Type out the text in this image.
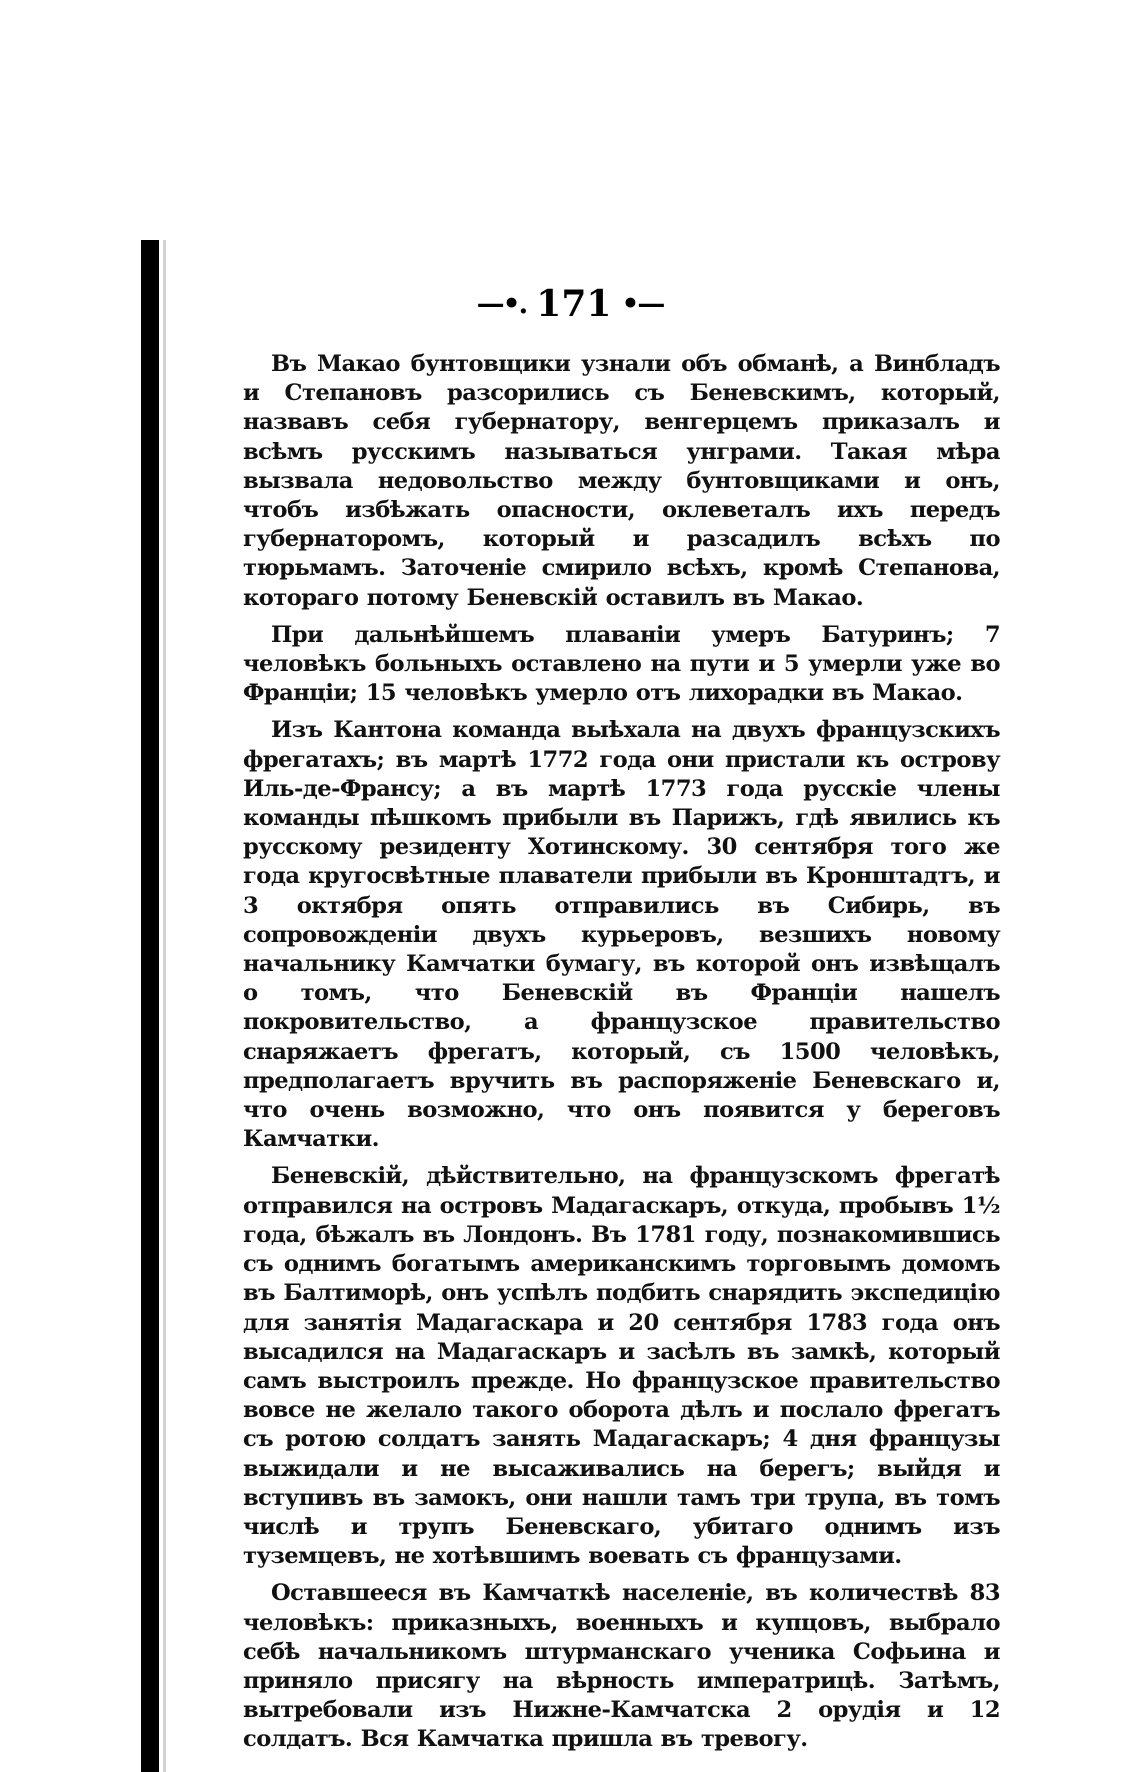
—•. 171 •—

Въ Макао бунтовщики узнали объ обманѣ, а Винбладъ и Степановъ разсорились съ Беневскимъ, который, назвавъ себя губернатору, венгерцемъ приказалъ и всѣмъ русскимъ называться унграми. Такая мѣра вызвала недовольство между бунтовщиками и онъ, чтобъ избѣжать опасности, оклеветалъ ихъ передъ губернаторомъ, который и разсадилъ всѣхъ по тюрьмамъ. Заточеніе смирило всѣхъ, кромѣ Степанова, котораго потому Беневскій оставилъ въ Макао.

При дальнѣйшемъ плаваніи умеръ Батуринъ; 7 человѣкъ больныхъ оставлено на пути и 5 умерли уже во Франціи; 15 человѣкъ умерло отъ лихорадки въ Макао.

Изъ Кантона команда выѣхала на двухъ французскихъ фрегатахъ; въ мартѣ 1772 года они пристали къ острову Иль-де-Франсу; а въ мартѣ 1773 года русскіе члены команды пѣшкомъ прибыли въ Парижъ, гдѣ явились къ русскому резиденту Хотинскому. 30 сентября того же года кругосвѣтные плаватели прибыли въ Кронштадтъ, и 3 октября опять отправились въ Сибирь, въ сопровожденіи двухъ курьеровъ, везшихъ новому начальнику Камчатки бумагу, въ которой онъ извѣщалъ о томъ, что Беневскій въ Франціи нашелъ покровительство, а французское правительство снаряжаетъ фрегатъ, который, съ 1500 человѣкъ, предполагаетъ вручить въ распоряженіе Беневскаго и, что очень возможно, что онъ появится у береговъ Камчатки.

Беневскій, дѣйствительно, на французскомъ фрегатѣ отправился на островъ Мадагаскаръ, откуда, пробывъ 1½ года, бѣжалъ въ Лондонъ. Въ 1781 году, познакомившись съ однимъ богатымъ американскимъ торговымъ домомъ въ Балтиморѣ, онъ успѣлъ подбить снарядить экспедицію для занятія Мадагаскара и 20 сентября 1783 года онъ высадился на Мадагаскаръ и засѣлъ въ замкѣ, который самъ выстроилъ прежде. Но французское правительство вовсе не желало такого оборота дѣлъ и послало фрегатъ съ ротою солдатъ занять Мадагаскаръ; 4 дня французы выжидали и не высаживались на берегъ; выйдя и вступивъ въ замокъ, они нашли тамъ три трупа, въ томъ числѣ и трупъ Беневскаго, убитаго однимъ изъ туземцевъ, не хотѣвшимъ воевать съ французами.

Оставшееся въ Камчаткѣ населеніе, въ количествѣ 83 человѣкъ: приказныхъ, военныхъ и купцовъ, выбрало себѣ начальникомъ штурманскаго ученика Софьина и приняло присягу на вѣрность императрицѣ. Затѣмъ, вытребовали изъ Нижне-Камчатска 2 орудія и 12 солдатъ. Вся Камчатка пришла въ тревогу.
